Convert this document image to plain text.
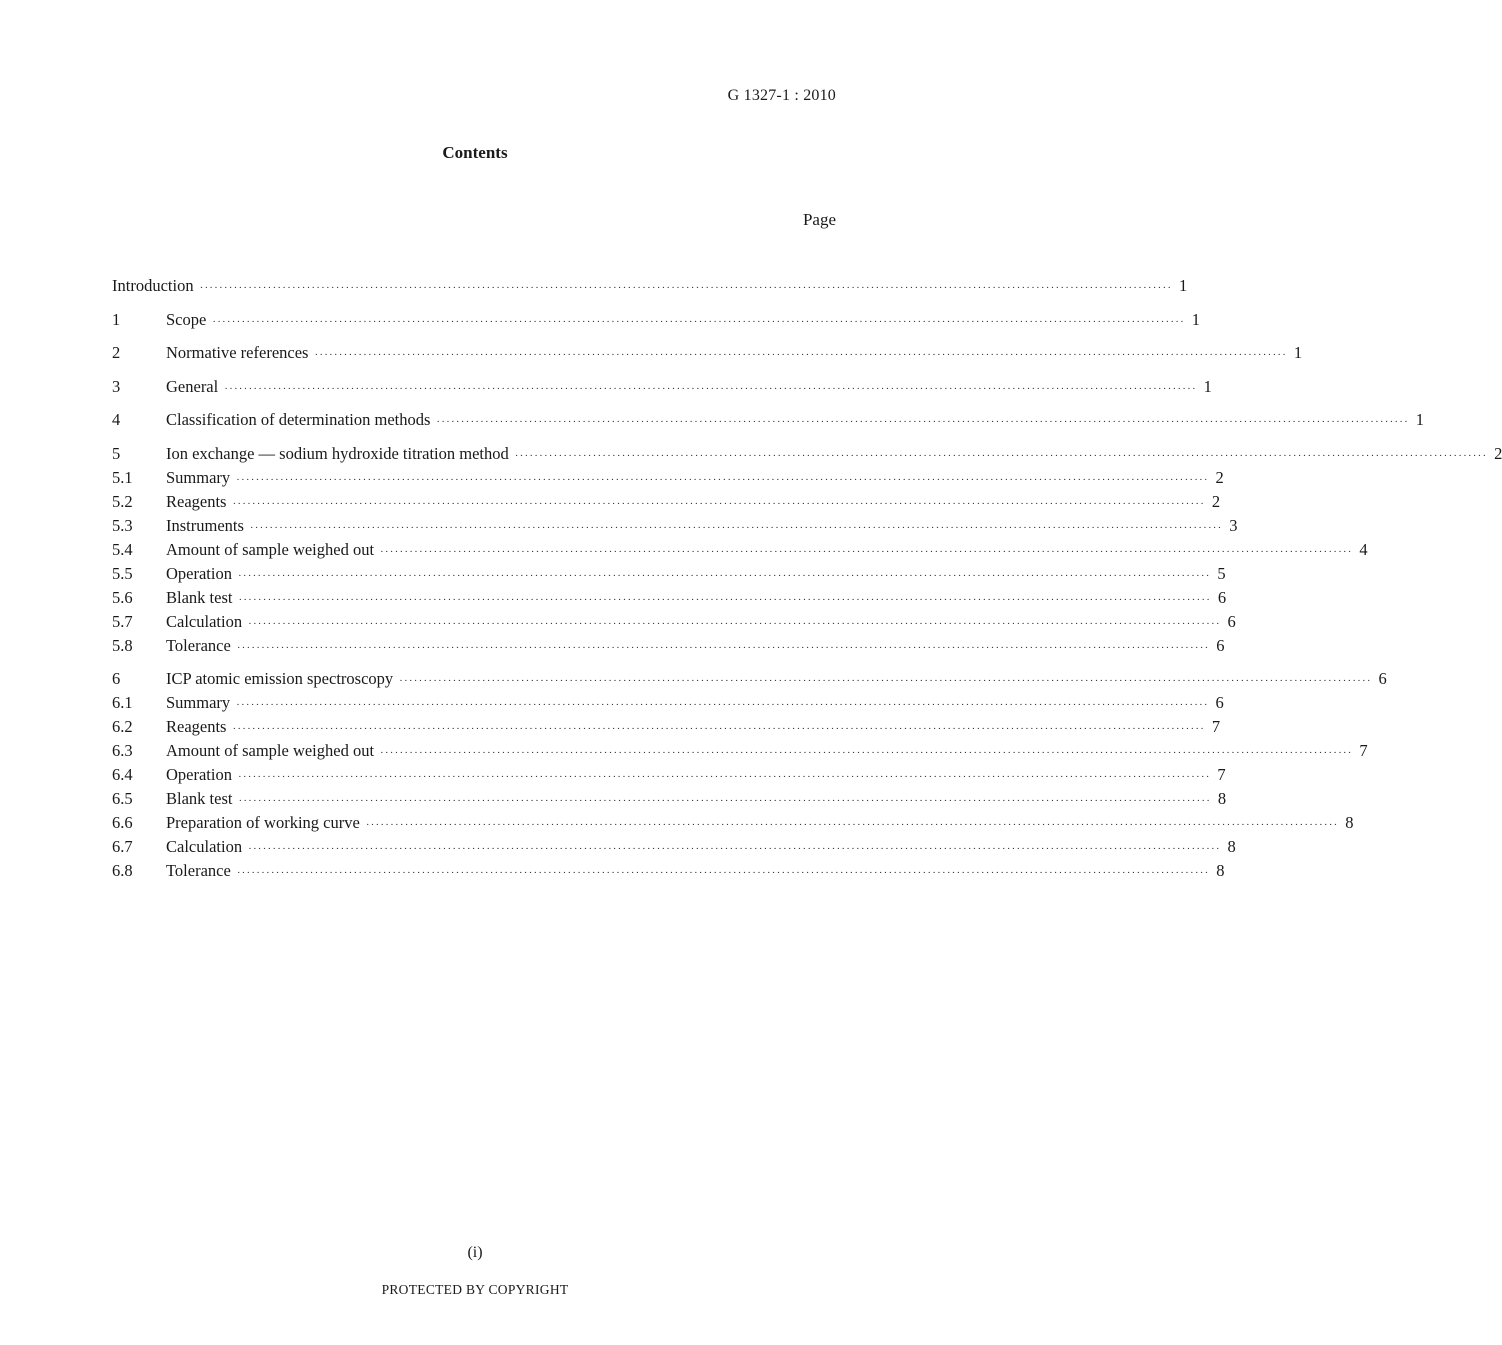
G 1327-1 : 2010
Contents
Page
Introduction ········································································································································································································ 1
1	Scope ········································································································································································································ 1
2	Normative references ········································································································································································································ 1
3	General ········································································································································································································ 1
4	Classification of determination methods ········································································································································································································ 1
5	Ion exchange — sodium hydroxide titration method ········································································································································································································ 2
5.1	Summary ········································································································································································································ 2
5.2	Reagents ········································································································································································································ 2
5.3	Instruments ········································································································································································································ 3
5.4	Amount of sample weighed out ········································································································································································································ 4
5.5	Operation ········································································································································································································ 5
5.6	Blank test ········································································································································································································ 6
5.7	Calculation ········································································································································································································ 6
5.8	Tolerance ········································································································································································································ 6
6	ICP atomic emission spectroscopy ········································································································································································································ 6
6.1	Summary ········································································································································································································ 6
6.2	Reagents ········································································································································································································ 7
6.3	Amount of sample weighed out ········································································································································································································ 7
6.4	Operation ········································································································································································································ 7
6.5	Blank test ········································································································································································································ 8
6.6	Preparation of working curve ········································································································································································································ 8
6.7	Calculation ········································································································································································································ 8
6.8	Tolerance ········································································································································································································ 8
(i)
PROTECTED BY COPYRIGHT
